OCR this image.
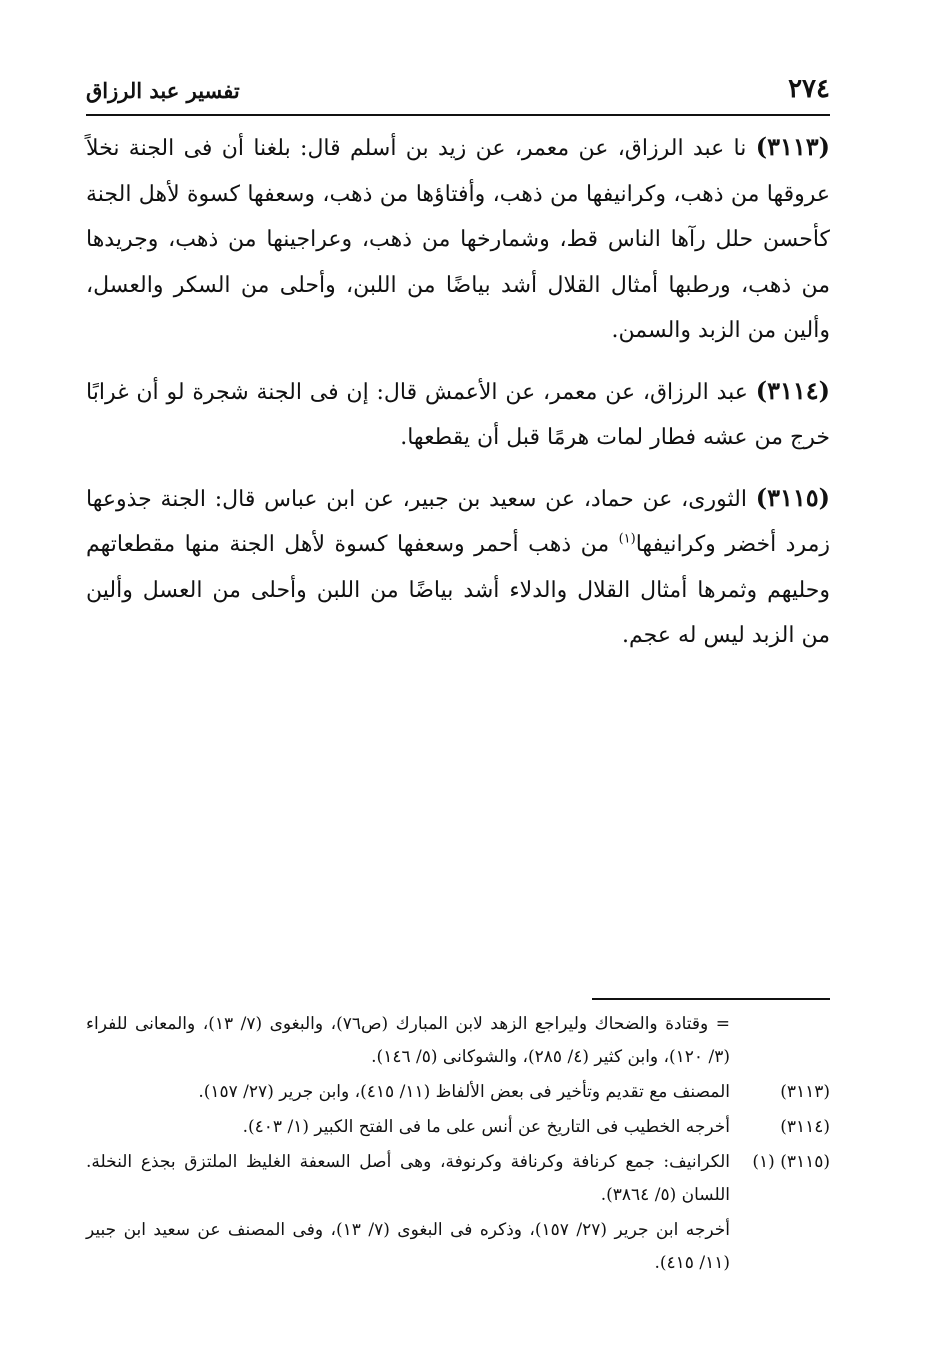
٢٧٤
تفسير عبد الرزاق

(٣١١٣) نا عبد الرزاق، عن معمر، عن زيد بن أسلم قال: بلغنا أن فى الجنة نخلاً عروقها من ذهب، وكرانيفها من ذهب، وأفتاؤها من ذهب، وسعفها كسوة لأهل الجنة كأحسن حلل رآها الناس قط، وشمارخها من ذهب، وعراجينها من ذهب، وجريدها من ذهب، ورطبها أمثال القلال أشد بياضًا من اللبن، وأحلى من السكر والعسل، وألين من الزبد والسمن.

(٣١١٤) عبد الرزاق، عن معمر، عن الأعمش قال: إن فى الجنة شجرة لو أن غرابًا خرج من عشه فطار لمات هرمًا قبل أن يقطعها.

(٣١١٥) الثورى، عن حماد، عن سعيد بن جبير، عن ابن عباس قال: الجنة جذوعها زمرد أخضر وكرانيفها$^{(١)}$ من ذهب أحمر وسعفها كسوة لأهل الجنة منها مقطعاتهم وحليهم وثمرها أمثال القلال والدلاء أشد بياضًا من اللبن وأحلى من العسل وألين من الزبد ليس له عجم.

= وقتادة والضحاك وليراجع الزهد لابن المبارك (ص٧٦)، والبغوى (٧/ ١٣)، والمعانى للفراء (٣/ ١٢٠)، وابن كثير (٤/ ٢٨٥)، والشوكانى (٥/ ١٤٦).
(٣١١٣)
المصنف مع تقديم وتأخير فى بعض الألفاظ (١١/ ٤١٥)، وابن جرير (٢٧/ ١٥٧).
(٣١١٤)
أخرجه الخطيب فى التاريخ عن أنس على ما فى الفتح الكبير (١/ ٤٠٣).
(٣١١٥) (١)
الكرانيف: جمع كرنافة وكرنافة وكرنوفة، وهى أصل السعفة الغليظ الملتزق بجذع النخلة. اللسان (٥/ ٣٨٦٤).
أخرجه ابن جرير (٢٧/ ١٥٧)، وذكره فى البغوى (٧/ ١٣)، وفى المصنف عن سعيد ابن جبير (١١/ ٤١٥).
